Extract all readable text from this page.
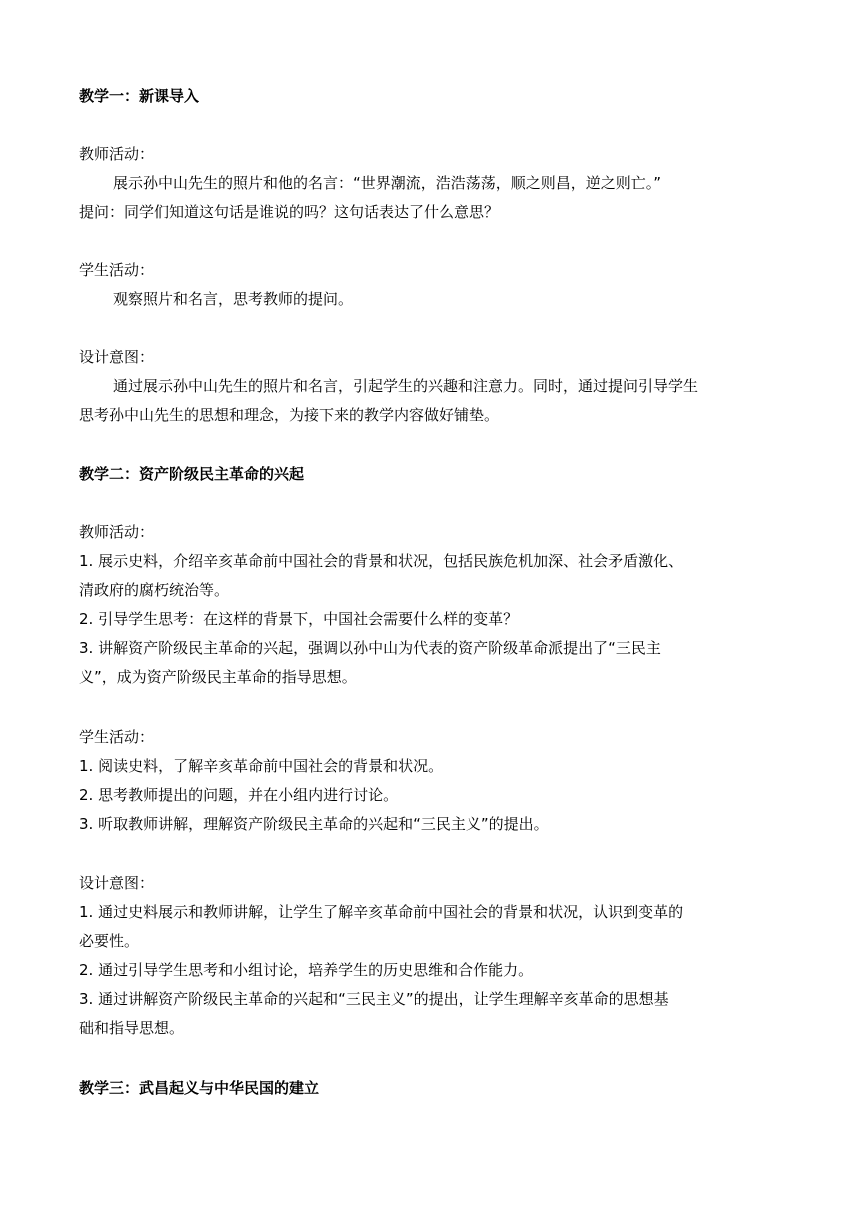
教学一：新课导入
教师活动：
展示孙中山先生的照片和他的名言：“世界潮流，浩浩荡荡，顺之则昌，逆之则亡。”
提问：同学们知道这句话是谁说的吗？这句话表达了什么意思？
学生活动：
观察照片和名言，思考教师的提问。
设计意图：
通过展示孙中山先生的照片和名言，引起学生的兴趣和注意力。同时，通过提问引导学生
思考孙中山先生的思想和理念，为接下来的教学内容做好铺垫。
教学二：资产阶级民主革命的兴起
教师活动：
1. 展示史料，介绍辛亥革命前中国社会的背景和状况，包括民族危机加深、社会矛盾激化、
清政府的腐朽统治等。
2. 引导学生思考：在这样的背景下，中国社会需要什么样的变革？
3. 讲解资产阶级民主革命的兴起，强调以孙中山为代表的资产阶级革命派提出了“三民主
义”，成为资产阶级民主革命的指导思想。
学生活动：
1. 阅读史料，了解辛亥革命前中国社会的背景和状况。
2. 思考教师提出的问题，并在小组内进行讨论。
3. 听取教师讲解，理解资产阶级民主革命的兴起和“三民主义”的提出。
设计意图：
1. 通过史料展示和教师讲解，让学生了解辛亥革命前中国社会的背景和状况，认识到变革的
必要性。
2. 通过引导学生思考和小组讨论，培养学生的历史思维和合作能力。
3. 通过讲解资产阶级民主革命的兴起和“三民主义”的提出，让学生理解辛亥革命的思想基
础和指导思想。
教学三：武昌起义与中华民国的建立
